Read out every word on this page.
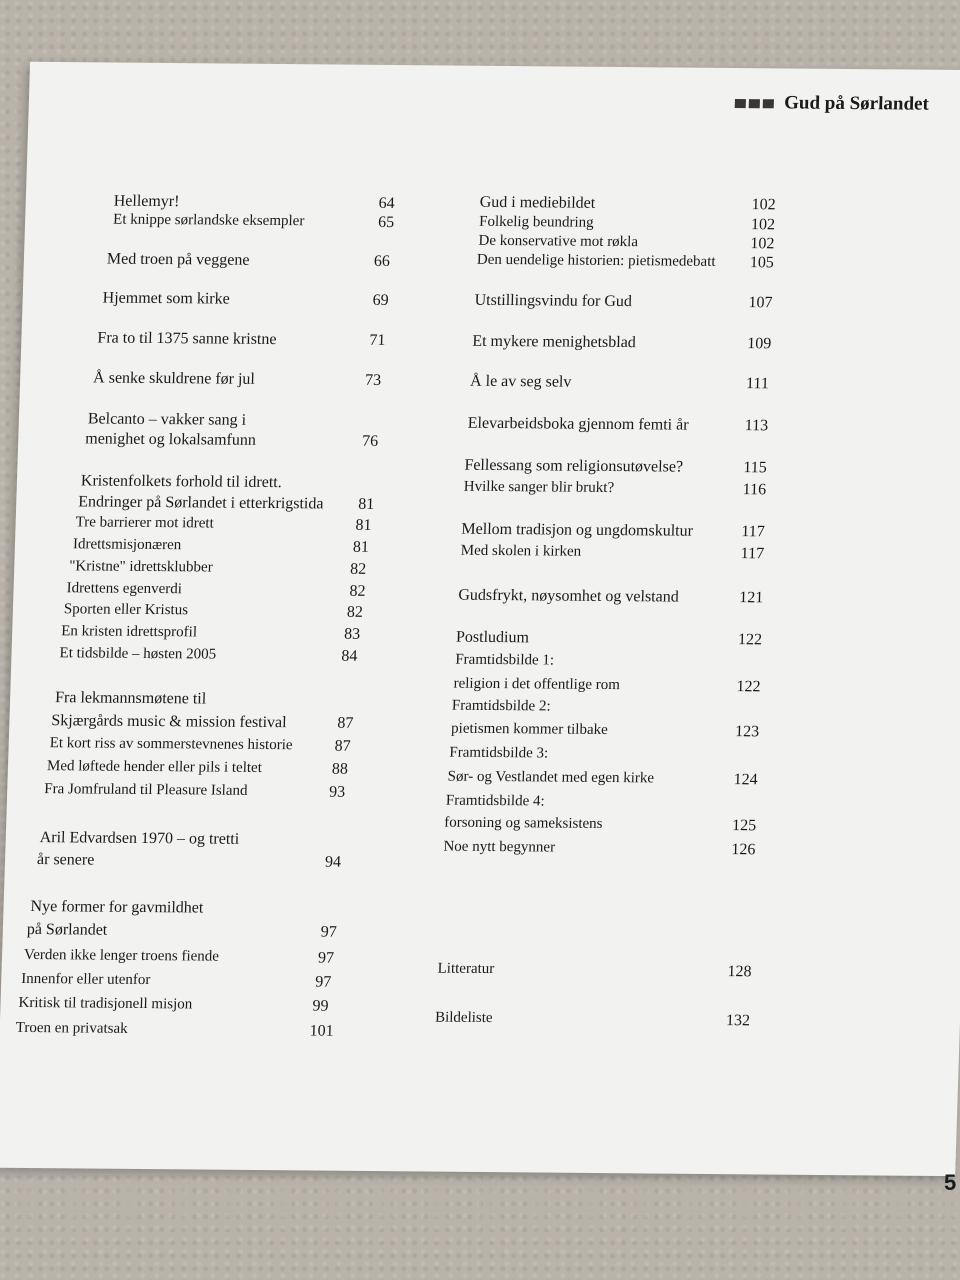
Gud på Sørlandet
Hellemyr!	64
Et knippe sørlandske eksempler	65
Med troen på veggene	66
Hjemmet som kirke	69
Fra to til 1375 sanne kristne	71
Å senke skuldrene før jul	73
Belcanto – vakker sang i
menighet og lokalsamfunn	76
Kristenfolkets forhold til idrett.
Endringer på Sørlandet i etterkrigstida 81
Tre barrierer mot idrett	81
Idrettsmisjonæren	81
"Kristne" idrettsklubber	82
Idrettens egenverdi	82
Sporten eller Kristus	82
En kristen idrettsprofil	83
Et tidsbilde – høsten 2005	84
Fra lekmannsmøtene til
Skjærgårds music & mission festival	87
Et kort riss av sommerstevnenes historie	87
Med løftede hender eller pils i teltet	88
Fra Jomfruland til Pleasure Island	93
Aril Edvardsen 1970 – og tretti
år senere	94
Nye former for gavmildhet
på Sørlandet	97
Verden ikke lenger troens fiende	97
Innenfor eller utenfor	97
Kritisk til tradisjonell misjon	99
Troen en privatsak	101
Gud i mediebildet	102
Folkelig beundring	102
De konservative mot røkla	102
Den uendelige historien: pietismedebatt 105
Utstillingsvindu for Gud	107
Et mykere menighetsblad	109
Å le av seg selv	111
Elevarbeidsboka gjennom femti år	113
Fellessang som religionsutøvelse?	115
Hvilke sanger blir brukt?	116
Mellom tradisjon og ungdomskultur	117
Med skolen i kirken	117
Gudsfrykt, nøysomhet og velstand	121
Postludium	122
Framtidsbilde 1:
religion i det offentlige rom	122
Framtidsbilde 2:
pietismen kommer tilbake	123
Framtidsbilde 3:
Sør- og Vestlandet med egen kirke	124
Framtidsbilde 4:
forsoning og sameksistens	125
Noe nytt begynner	126
Litteratur	128
Bildeliste	132
5
